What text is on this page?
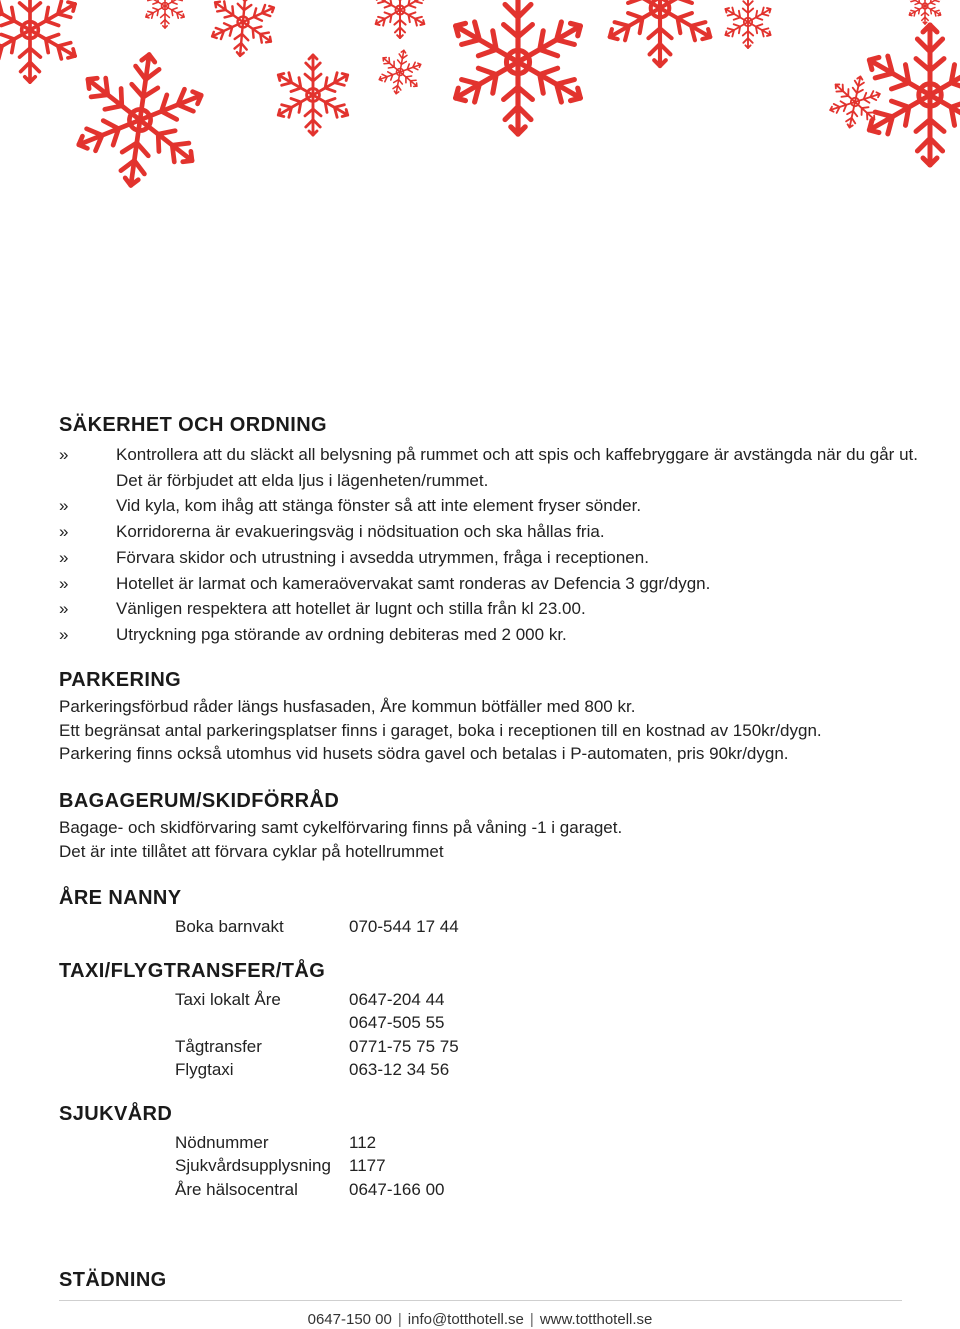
SÄKERHET OCH ORDNING
»	Kontrollera att du släckt all belysning på rummet och att spis och kaffebryggare är avstängda när du går ut. Det är förbjudet att elda ljus i lägenheten/rummet.
»	Vid kyla, kom ihåg att stänga fönster så att inte element fryser sönder.
»	Korridorerna är evakueringsväg i nödsituation och ska hållas fria.
»	Förvara skidor och utrustning i avsedda utrymmen, fråga i receptionen.
»	Hotellet är larmat och kameraövervakat samt ronderas av Defencia 3 ggr/dygn.
»	Vänligen respektera att hotellet är lugnt och stilla från kl 23.00.
»	Utryckning pga störande av ordning debiteras med 2 000 kr.
PARKERING
Parkeringsförbud råder längs husfasaden, Åre kommun bötfäller med 800 kr.
Ett begränsat antal parkeringsplatser finns i garaget, boka i receptionen till en kostnad av 150kr/dygn.
Parkering finns också utomhus vid husets södra gavel och betalas i P-automaten, pris 90kr/dygn.
BAGAGERUM/SKIDFÖRRÅD
Bagage- och skidförvaring samt cykelförvaring finns på våning -1 i garaget.
Det är inte tillåtet att förvara cyklar på hotellrummet
ÅRE NANNY
Boka barnvakt	070-544 17 44
TAXI/FLYGTRANSFER/TÅG
Taxi lokalt Åre	0647-204 44
	0647-505 55
Tågtransfer	0771-75 75 75
Flygtaxi	063-12 34 56
SJUKVÅRD
Nödnummer	112
Sjukvårdsupplysning	1177
Åre hälsocentral	0647-166 00
STÄDNING
0647-150 00 | info@totthotell.se | www.totthotell.se
